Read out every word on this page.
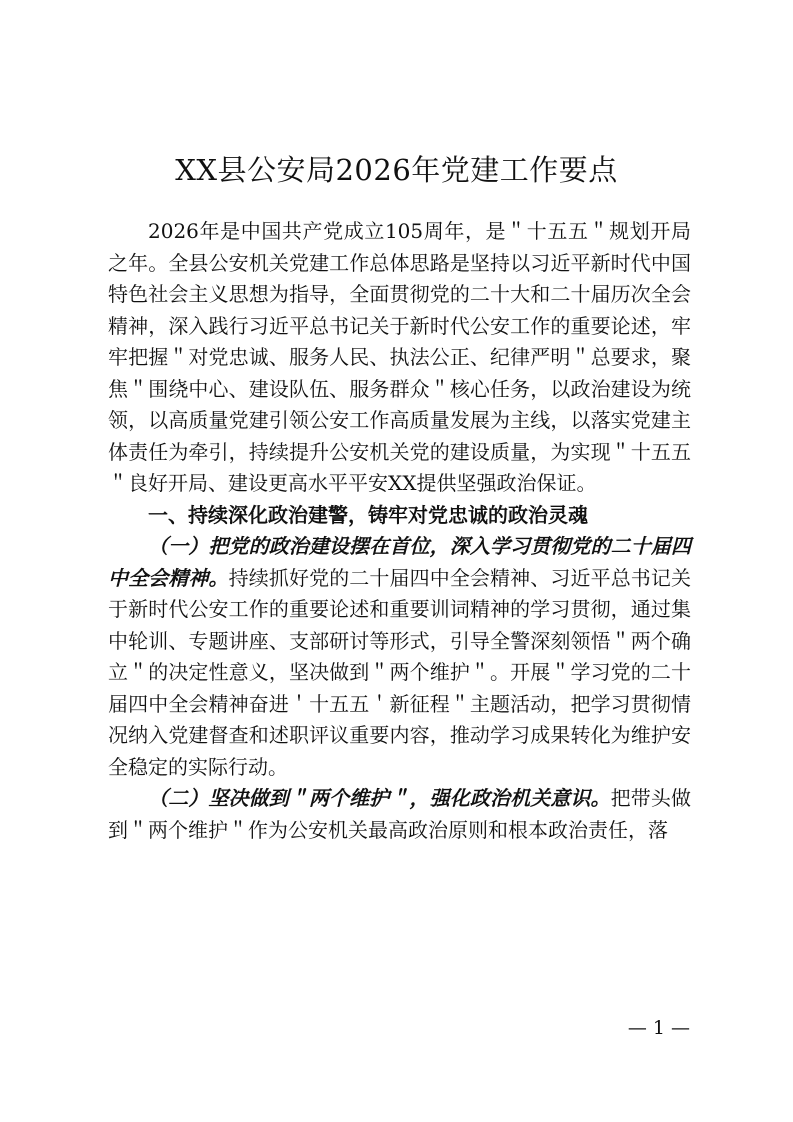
XX县公安局2026年党建工作要点

2026年是中国共产党成立105周年，是＂十五五＂规划开局之年。全县公安机关党建工作总体思路是坚持以习近平新时代中国特色社会主义思想为指导，全面贯彻党的二十大和二十届历次全会精神，深入践行习近平总书记关于新时代公安工作的重要论述，牢牢把握＂对党忠诚、服务人民、执法公正、纪律严明＂总要求，聚焦＂围绕中心、建设队伍、服务群众＂核心任务，以政治建设为统领，以高质量党建引领公安工作高质量发展为主线，以落实党建主体责任为牵引，持续提升公安机关党的建设质量，为实现＂十五五＂良好开局、建设更高水平平安XX提供坚强政治保证。

一、持续深化政治建警，铸牢对党忠诚的政治灵魂

（一）把党的政治建设摆在首位，深入学习贯彻党的二十届四中全会精神。持续抓好党的二十届四中全会精神、习近平总书记关于新时代公安工作的重要论述和重要训词精神的学习贯彻，通过集中轮训、专题讲座、支部研讨等形式，引导全警深刻领悟＂两个确立＂的决定性意义，坚决做到＂两个维护＂。开展＂学习党的二十届四中全会精神奋进＇十五五＇新征程＂主题活动，把学习贯彻情况纳入党建督查和述职评议重要内容，推动学习成果转化为维护安全稳定的实际行动。

（二）坚决做到＂两个维护＂，强化政治机关意识。把带头做到＂两个维护＂作为公安机关最高政治原则和根本政治责任，落

— 1 —
